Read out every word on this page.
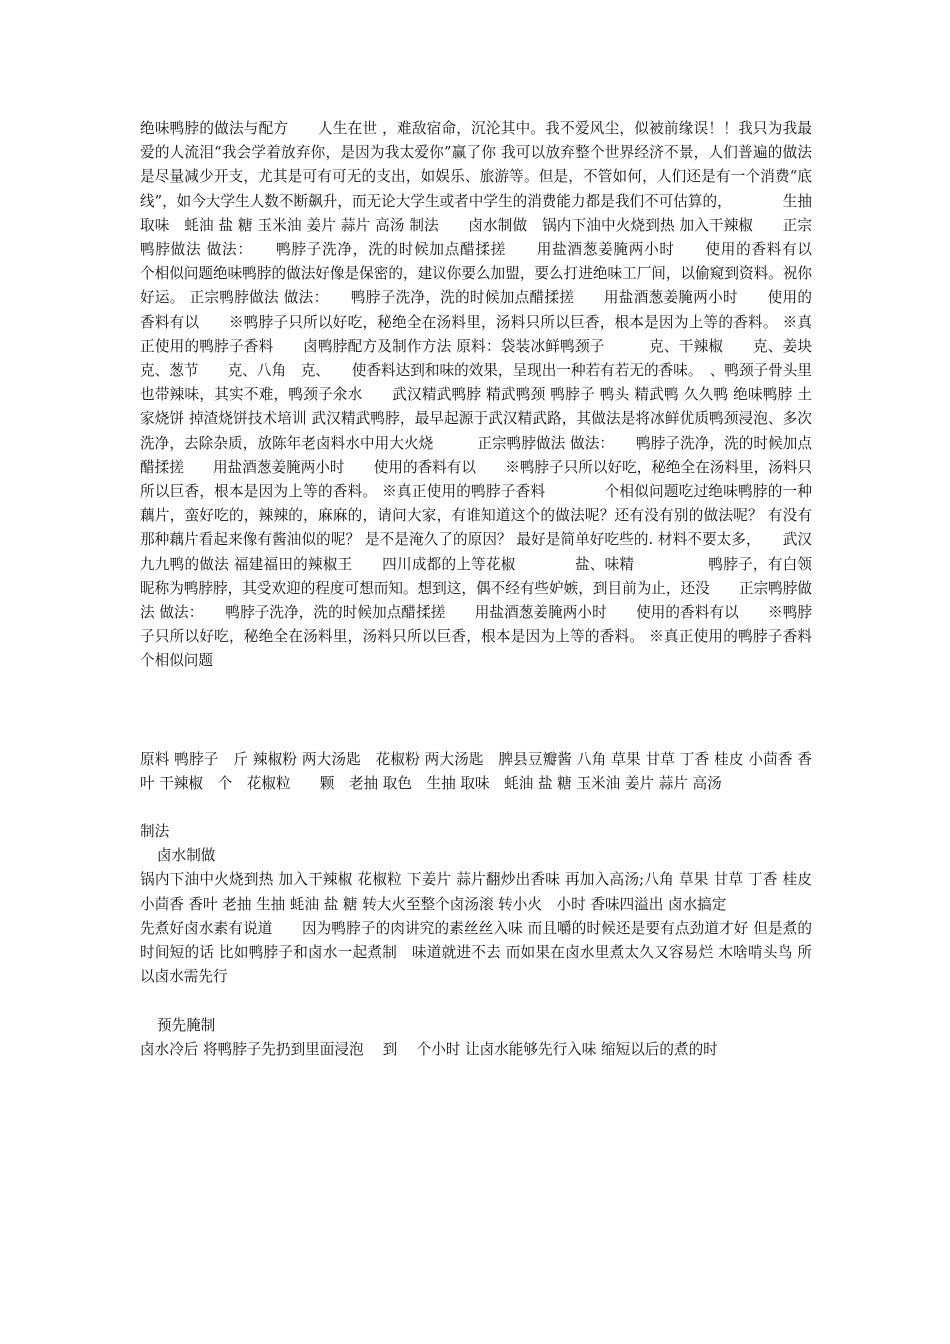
绝味鸭脖的做法与配方　　人生在世 ，难敌宿命，沉沦其中。我不爱风尘，似被前缘误！！我只为我最爱的人流泪“我会学着放弃你，是因为我太爱你”赢了你 我可以放弃整个世界经济不景，人们普遍的做法是尽量减少开支，尤其是可有可无的支出，如娱乐、旅游等。但是，不管如何，人们还是有一个消费“底线”，如今大学生人数不断飙升，而无论大学生或者中学生的消费能力都是我们不可估算的，　　　　生抽 取味　蚝油 盐 糖 玉米油 姜片 蒜片 高汤 制法　　卤水制做　锅内下油中火烧到热 加入干辣椒　　正宗鸭脖做法 做法：　　鸭脖子洗净，洗的时候加点醋揉搓　　用盐酒葱姜腌两小时　　使用的香料有以　　　　个相似问题绝味鸭脖的做法好像是保密的，建议你要么加盟，要么打进绝味工厂间，以偷窥到资料。祝你好运。 正宗鸭脖做法 做法：　　鸭脖子洗净，洗的时候加点醋揉搓　　用盐酒葱姜腌两小时　　使用的香料有以　　※鸭脖子只所以好吃，秘绝全在汤料里，汤料只所以巨香，根本是因为上等的香料。 ※真正使用的鸭脖子香料　　卤鸭脖配方及制作方法 原料：袋装冰鲜鸭颈子　　　克、干辣椒　　克、姜块　　克、葱节　　克、八角　克、　　使香料达到和味的效果，呈现出一种若有若无的香味。　、鸭颈子骨头里也带辣味，其实不难，鸭颈子氽水　　武汉精武鸭脖 精武鸭颈 鸭脖子 鸭头 精武鸭 久久鸭 绝味鸭脖 土家烧饼 掉渣烧饼技术培训 武汉精武鸭脖，最早起源于武汉精武路，其做法是将冰鲜优质鸭颈浸泡、多次洗净，去除杂质，放陈年老卤料水中用大火烧　　　正宗鸭脖做法 做法：　　鸭脖子洗净，洗的时候加点醋揉搓　　用盐酒葱姜腌两小时　　使用的香料有以　　※鸭脖子只所以好吃，秘绝全在汤料里，汤料只所以巨香，根本是因为上等的香料。 ※真正使用的鸭脖子香料　　　　个相似问题吃过绝味鸭脖的一种藕片，蛮好吃的，辣辣的，麻麻的，请问大家，有谁知道这个的做法呢？还有没有别的做法呢？ 有没有那种藕片看起来像有酱油似的呢？ 是不是淹久了的原因？ 最好是简单好吃些的. 材料不要太多，　　武汉九九鸭的做法 福建福田的辣椒王　　四川成都的上等花椒　　　　盐、味精　　　　　鸭脖子，有白领　　昵称为鸭脖脖，其受欢迎的程度可想而知。想到这，偶不经有些妒嫉，到目前为止，还没　　正宗鸭脖做法 做法：　　鸭脖子洗净，洗的时候加点醋揉搓　　用盐酒葱姜腌两小时　　使用的香料有以　　※鸭脖子只所以好吃，秘绝全在汤料里，汤料只所以巨香，根本是因为上等的香料。 ※真正使用的鸭脖子香料　　　　个相似问题

原料 鸭脖子　斤 辣椒粉 两大汤匙　花椒粉 两大汤匙　脾县豆瓣酱 八角 草果 甘草 丁香 桂皮 小茴香 香叶 干辣椒　个　花椒粒　　颗　老抽 取色　生抽 取味　蚝油 盐 糖 玉米油 姜片 蒜片 高汤

制法

卤水制做

锅内下油中火烧到热 加入干辣椒 花椒粒 下姜片 蒜片翻炒出香味 再加入高汤;八角 草果 甘草 丁香 桂皮 小茴香 香叶 老抽 生抽 蚝油 盐 糖 转大火至整个卤汤滚 转小火　小时 香味四溢出 卤水搞定

先煮好卤水素有说道　　因为鸭脖子的肉讲究的素丝丝入味 而且嚼的时候还是要有点劲道才好 但是煮的时间短的话 比如鸭脖子和卤水一起煮制　味道就进不去 而如果在卤水里煮太久又容易烂 木啥啃头鸟 所以卤水需先行

预先腌制

卤水冷后 将鸭脖子先扔到里面浸泡　 到　 个小时 让卤水能够先行入味 缩短以后的煮的时
